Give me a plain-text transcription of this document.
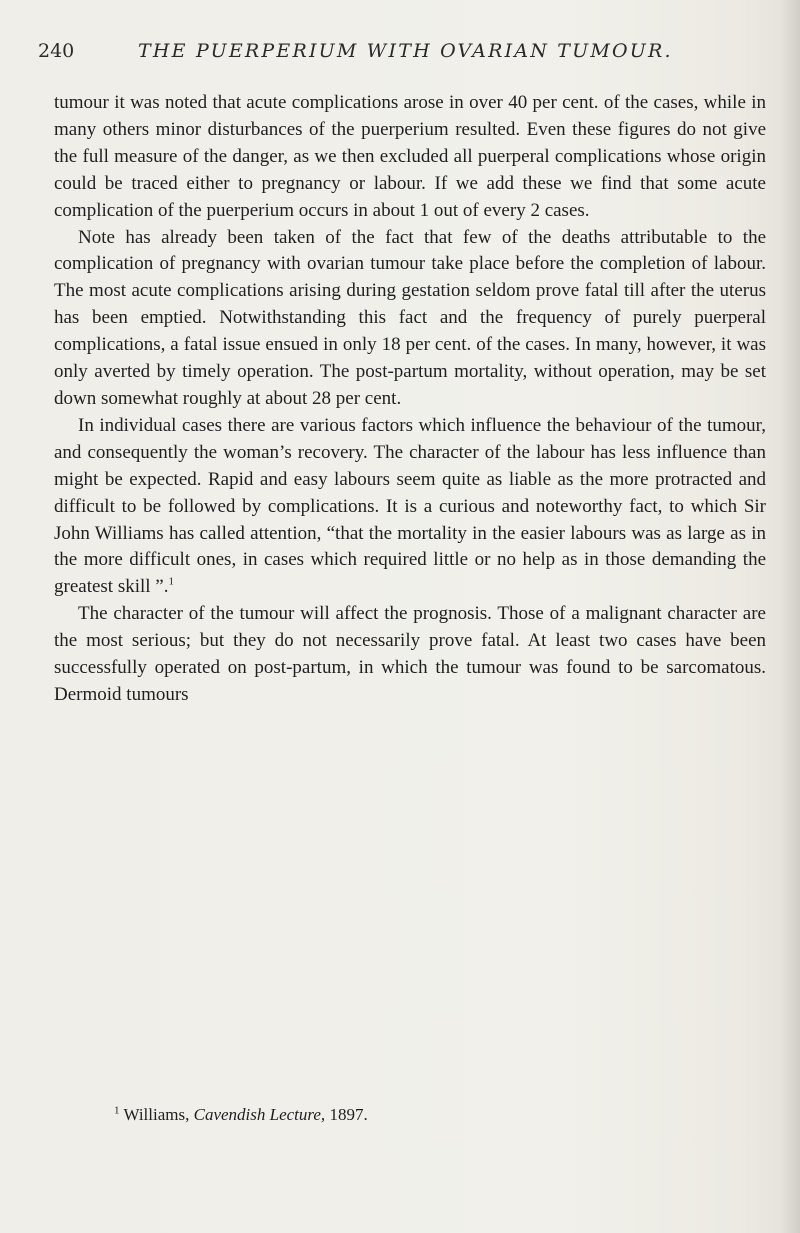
240	THE PUERPERIUM WITH OVARIAN TUMOUR.

tumour it was noted that acute complications arose in over 40 per cent. of the cases, while in many others minor disturbances of the puerperium resulted. Even these figures do not give the full measure of the danger, as we then excluded all puerperal complications whose origin could be traced either to pregnancy or labour. If we add these we find that some acute complication of the puerperium occurs in about 1 out of every 2 cases.

Note has already been taken of the fact that few of the deaths attributable to the complication of pregnancy with ovarian tumour take place before the completion of labour. The most acute complications arising during gestation seldom prove fatal till after the uterus has been emptied. Notwithstanding this fact and the frequency of purely puerperal complications, a fatal issue ensued in only 18 per cent. of the cases. In many, however, it was only averted by timely operation. The post-partum mortality, without operation, may be set down somewhat roughly at about 28 per cent.

In individual cases there are various factors which influence the behaviour of the tumour, and consequently the woman’s recovery. The character of the labour has less influence than might be expected. Rapid and easy labours seem quite as liable as the more protracted and difficult to be followed by complications. It is a curious and noteworthy fact, to which Sir John Williams has called attention, “that the mortality in the easier labours was as large as in the more difficult ones, in cases which required little or no help as in those demanding the greatest skill ”.$^1$

The character of the tumour will affect the prognosis. Those of a malignant character are the most serious; but they do not necessarily prove fatal. At least two cases have been successfully operated on post-partum, in which the tumour was found to be sarcomatous. Dermoid tumours

$^1$ Williams, Cavendish Lecture, 1897.
